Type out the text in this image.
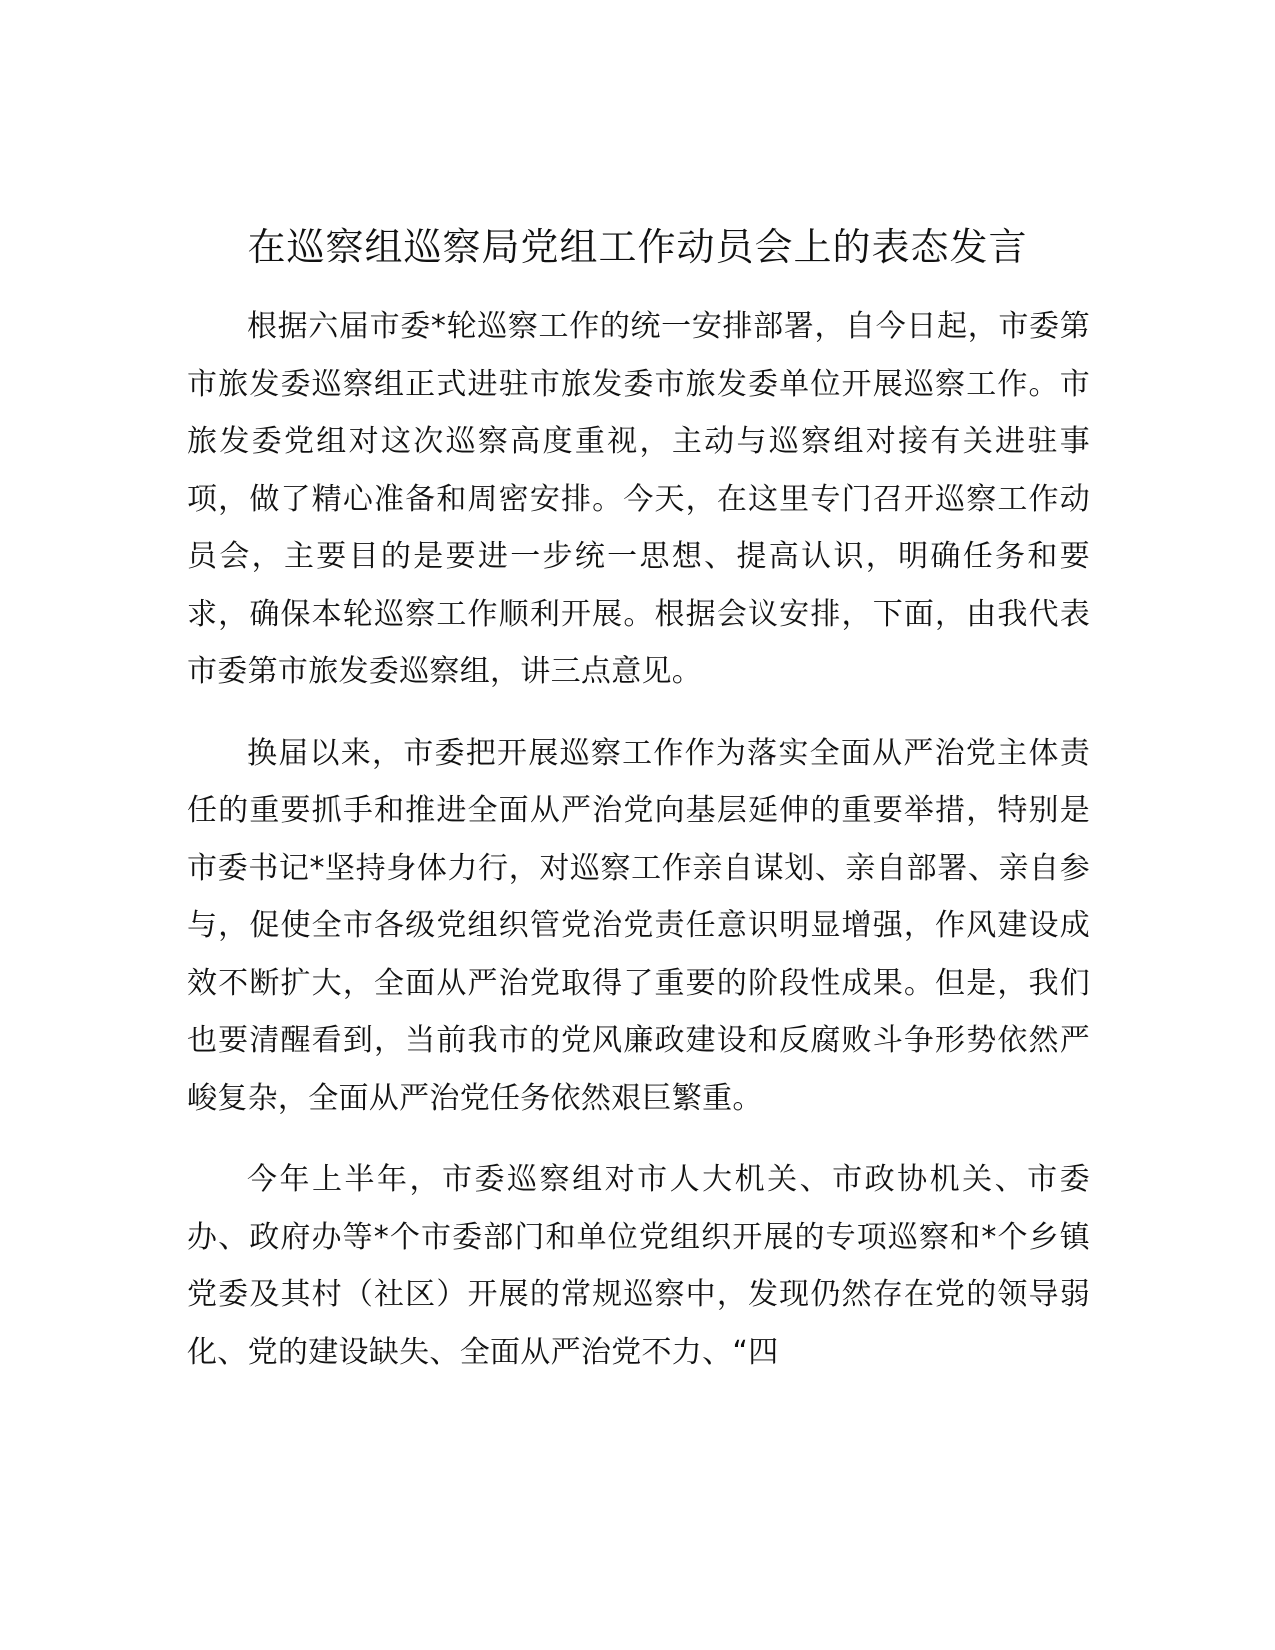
在巡察组巡察局党组工作动员会上的表态发言

根据六届市委*轮巡察工作的统一安排部署，自今日起，市委第市旅发委巡察组正式进驻市旅发委市旅发委单位开展巡察工作。市旅发委党组对这次巡察高度重视，主动与巡察组对接有关进驻事项，做了精心准备和周密安排。今天，在这里专门召开巡察工作动员会，主要目的是要进一步统一思想、提高认识，明确任务和要求，确保本轮巡察工作顺利开展。根据会议安排，下面，由我代表市委第市旅发委巡察组，讲三点意见。

换届以来，市委把开展巡察工作作为落实全面从严治党主体责任的重要抓手和推进全面从严治党向基层延伸的重要举措，特别是市委书记*坚持身体力行，对巡察工作亲自谋划、亲自部署、亲自参与，促使全市各级党组织管党治党责任意识明显增强，作风建设成效不断扩大，全面从严治党取得了重要的阶段性成果。但是，我们也要清醒看到，当前我市的党风廉政建设和反腐败斗争形势依然严峻复杂，全面从严治党任务依然艰巨繁重。

今年上半年，市委巡察组对市人大机关、市政协机关、市委办、政府办等*个市委部门和单位党组织开展的专项巡察和*个乡镇党委及其村（社区）开展的常规巡察中，发现仍然存在党的领导弱化、党的建设缺失、全面从严治党不力、“四
